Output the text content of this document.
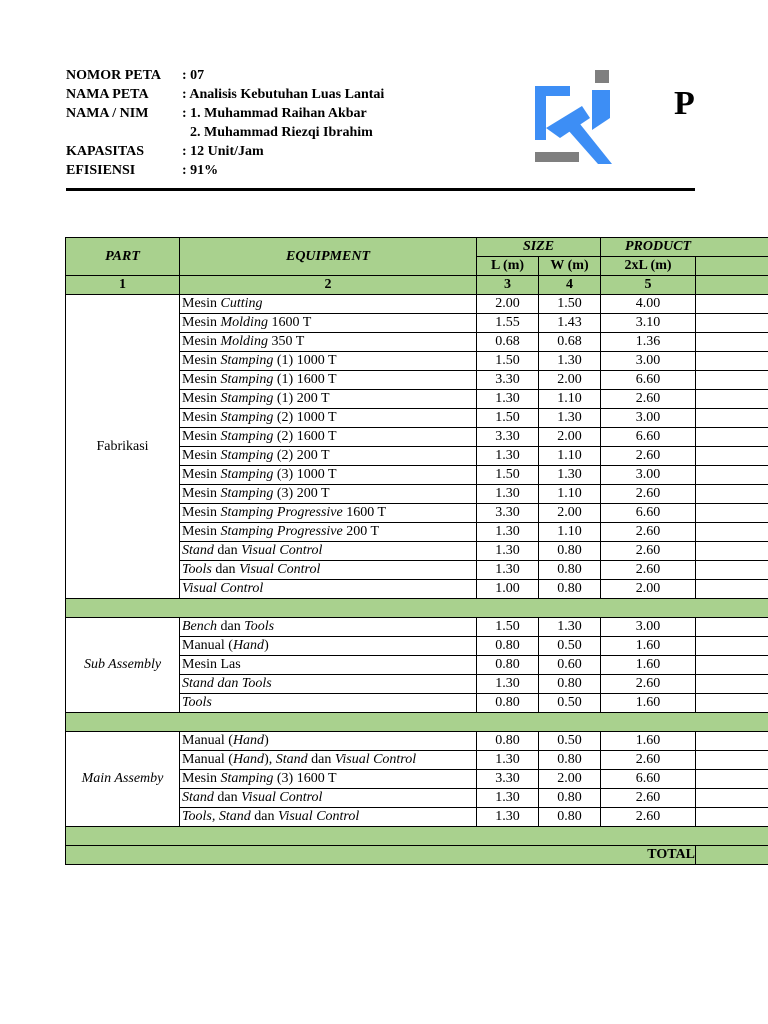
NOMOR PETA : 07
NAMA PETA : Analisis Kebutuhan Luas Lantai
NAMA / NIM : 1. Muhammad Raihan Akbar
2. Muhammad Riezqi Ibrahim
KAPASITAS	: 12 Unit/Jam
EFISIENSI	: 91%
P
PART	EQUIPMENT	SIZE		PRODUCT	
		L (m)	W (m)	2xL (m)	
1	2	3	4	5	
Fabrikasi	Mesin Cutting	2.00	1.50	4.00	
	Mesin Molding 1600 T	1.55	1.43	3.10	
	Mesin Molding 350 T	0.68	0.68	1.36	
	Mesin Stamping (1) 1000 T	1.50	1.30	3.00	
	Mesin Stamping (1) 1600 T	3.30	2.00	6.60	
	Mesin Stamping (1) 200 T	1.30	1.10	2.60	
	Mesin Stamping (2) 1000 T	1.50	1.30	3.00	
	Mesin Stamping (2) 1600 T	3.30	2.00	6.60	
	Mesin Stamping (2) 200 T	1.30	1.10	2.60	
	Mesin Stamping (3) 1000 T	1.50	1.30	3.00	
	Mesin Stamping (3) 200 T	1.30	1.10	2.60	
	Mesin Stamping Progressive 1600 T	3.30	2.00	6.60	
	Mesin Stamping Progressive 200 T	1.30	1.10	2.60	
	Stand dan Visual Control	1.30	0.80	2.60	
	Tools dan Visual Control	1.30	0.80	2.60	
	Visual Control	1.00	0.80	2.00	

Sub Assembly	Bench dan Tools	1.50	1.30	3.00	
	Manual (Hand)	0.80	0.50	1.60	
	Mesin Las	0.80	0.60	1.60	
	Stand dan Tools	1.30	0.80	2.60	
	Tools	0.80	0.50	1.60	

Main Assemby	Manual (Hand)	0.80	0.50	1.60	
	Manual (Hand), Stand dan Visual Control	1.30	0.80	2.60	
	Mesin Stamping (3) 1600 T	3.30	2.00	6.60	
	Stand dan Visual Control	1.30	0.80	2.60	
	Tools, Stand dan Visual Control	1.30	0.80	2.60	

TOTAL					
